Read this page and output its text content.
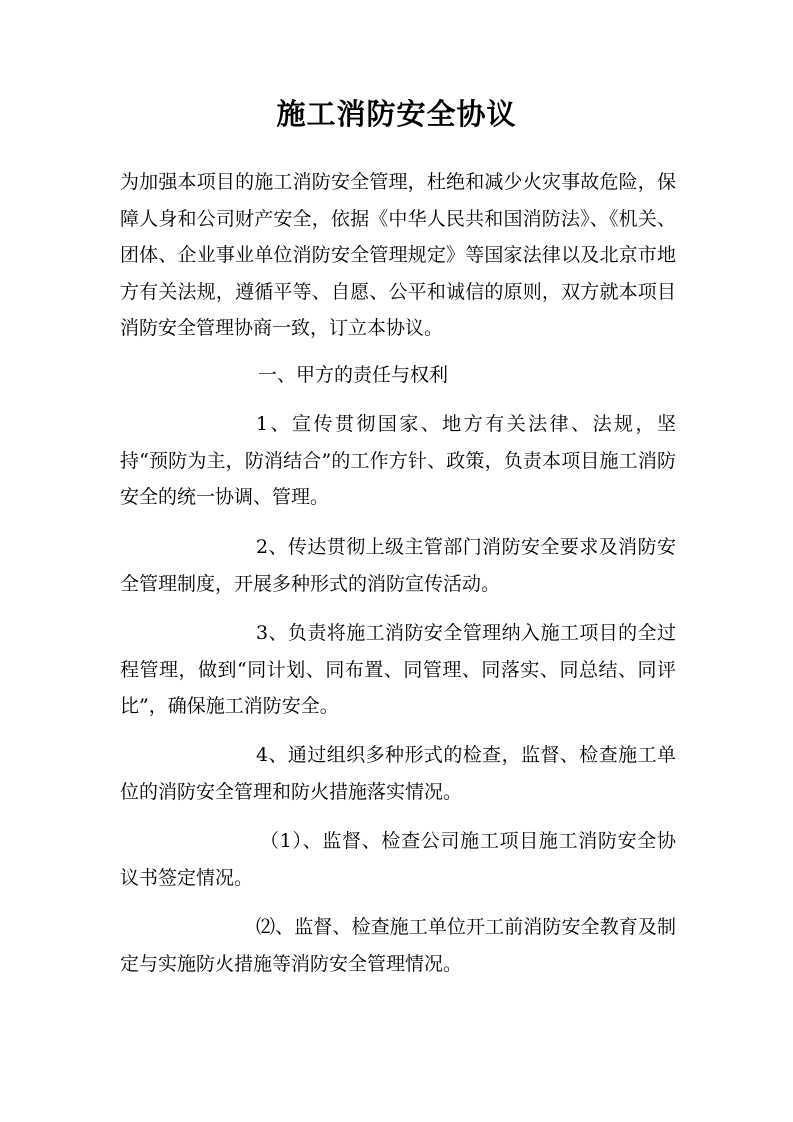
施工消防安全协议

为加强本项目的施工消防安全管理，杜绝和减少火灾事故危险，保障人身和公司财产安全，依据《中华人民共和国消防法》、《机关、团体、企业事业单位消防安全管理规定》等国家法律以及北京市地方有关法规，遵循平等、自愿、公平和诚信的原则，双方就本项目消防安全管理协商一致，订立本协议。

一、甲方的责任与权利

1、宣传贯彻国家、地方有关法律、法规，坚持“预防为主，防消结合”的工作方针、政策，负责本项目施工消防安全的统一协调、管理。

2、传达贯彻上级主管部门消防安全要求及消防安全管理制度，开展多种形式的消防宣传活动。

3、负责将施工消防安全管理纳入施工项目的全过程管理，做到“同计划、同布置、同管理、同落实、同总结、同评比”，确保施工消防安全。

4、通过组织多种形式的检查，监督、检查施工单位的消防安全管理和防火措施落实情况。

（1）、监督、检查公司施工项目施工消防安全协议书签定情况。

⑵、监督、检查施工单位开工前消防安全教育及制定与实施防火措施等消防安全管理情况。
